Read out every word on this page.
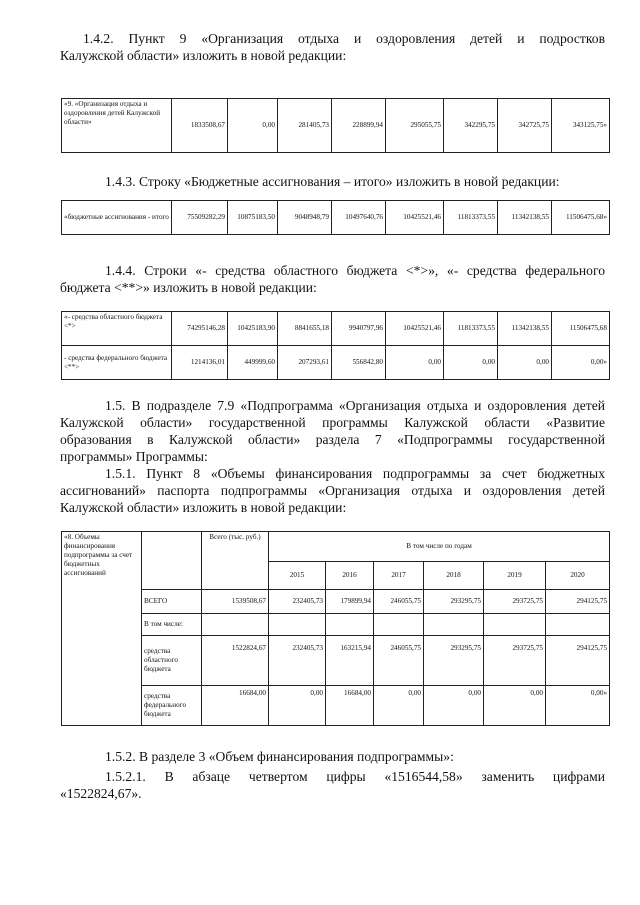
1.4.2. Пункт 9 «Организация отдыха и оздоровления детей и подростков
Калужской области» изложить в новой редакции:
«9. «Организация отдыха и оздоровления детей Калужской области»	1833508,67	0,00	281405,73	228899,94	295055,75	342295,75	342725,75	343125,75»
1.4.3. Строку «Бюджетные ассигнования – итого» изложить в новой редакции:
«бюджетные ассигнования - итого	75509282,29	10875183,50	9048948,79	10497640,76	10425521,46	11813373,55	11342138,55	11506475,68»
1.4.4. Строки «- средства областного бюджета <*>», «- средства федерального
бюджета <**>» изложить в новой редакции:
«- средства областного бюджета <*>	74295146,28	10425183,90	8841655,18	9940797,96	10425521,46	11813373,55	11342138,55	11506475,68
- средства федерального бюджета <**>	1214136,01	449999,60	207293,61	556842,80	0,00	0,00	0,00	0,00»
1.5. В подразделе 7.9 «Подпрограмма «Организация отдыха и оздоровления детей
Калужской области» государственной программы Калужской области «Развитие
образования в Калужской области» раздела 7 «Подпрограммы государственной
программы» Программы:
1.5.1. Пункт 8 «Объемы финансирования подпрограммы за счет бюджетных
ассигнований» паспорта подпрограммы «Организация отдыха и оздоровления детей
Калужской области» изложить в новой редакции:
«8. Объемы финансирования подпрограммы за счет бюджетных ассигнований		Всего (тыс. руб.)	В том числе по годам					
			2015	2016	2017	2018	2019	2020
	ВСЕГО	1539508,67	232405,73	179899,94	246055,75	293295,75	293725,75	294125,75
	В том числе:							
	средства областного бюджета	1522824,67	232405,73	163215,94	246055,75	293295,75	293725,75	294125,75
	средства федерального бюджета	16684,00	0,00	16684,00	0,00	0,00	0,00	0,00»
1.5.2. В разделе 3 «Объем финансирования подпрограммы»:
1.5.2.1. В абзаце четвертом цифры «1516544,58» заменить цифрами
«1522824,67».
